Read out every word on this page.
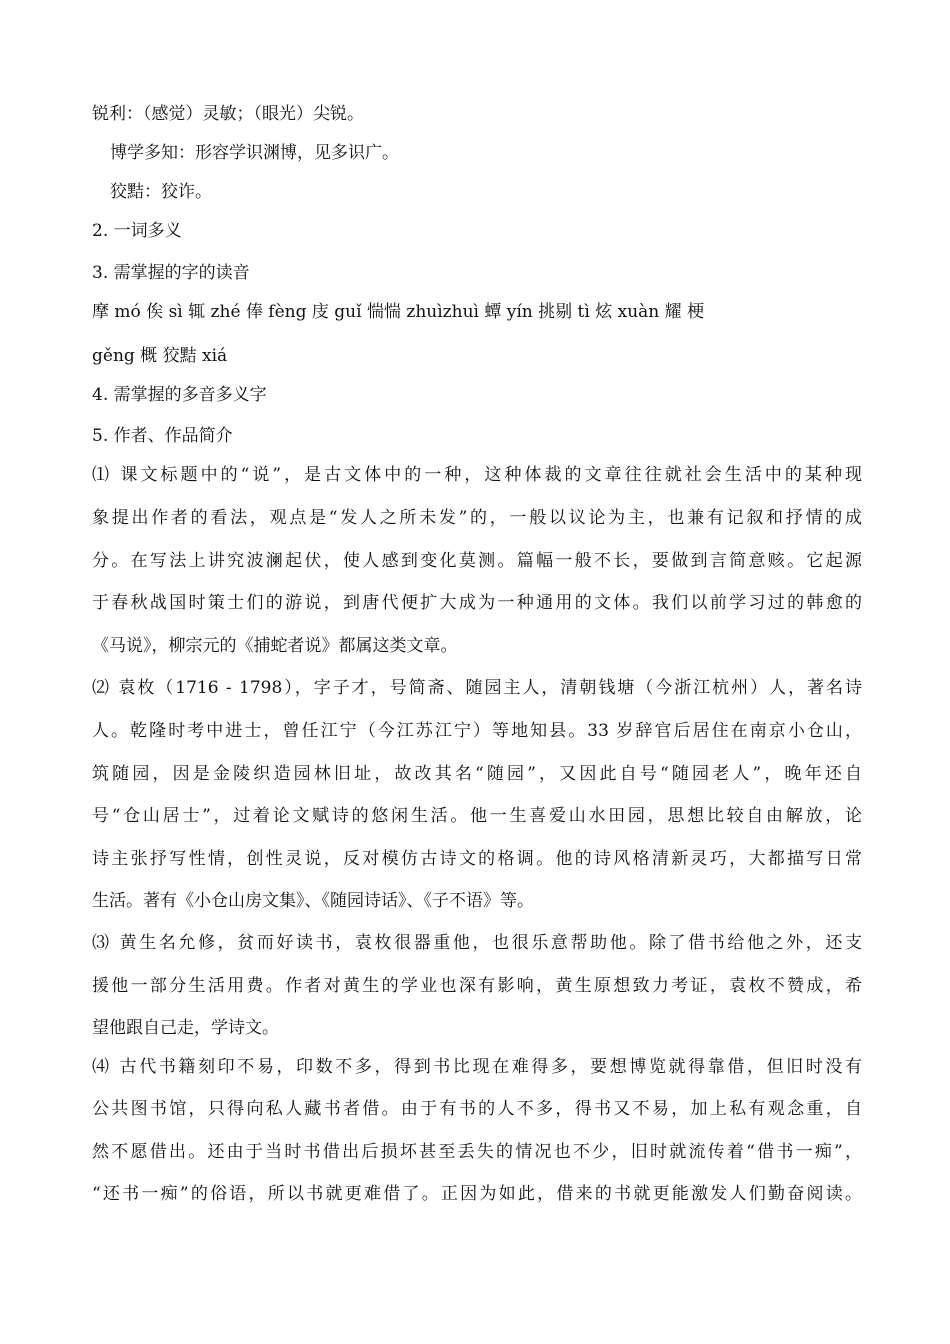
锐利：（感觉）灵敏；（眼光）尖锐。
博学多知：形容学识渊博，见多识广。
狡黠：狡诈。
2. 一词多义
3. 需掌握的字的读音
摩 mó 俟 sì 辄 zhé 俸 fèng 庋 guǐ 惴惴 zhuìzhuì 蟫 yín 挑剔 tì 炫 xuàn 耀 梗
gěng 概 狡黠 xiá
4. 需掌握的多音多义字
5. 作者、作品简介
⑴ 课文标题中的“说”，是古文体中的一种，这种体裁的文章往往就社会生活中的某种现
象提出作者的看法，观点是“发人之所未发”的，一般以议论为主，也兼有记叙和抒情的成
分。在写法上讲究波澜起伏，使人感到变化莫测。篇幅一般不长，要做到言简意赅。它起源
于春秋战国时策士们的游说，到唐代便扩大成为一种通用的文体。我们以前学习过的韩愈的
《马说》，柳宗元的《捕蛇者说》都属这类文章。
⑵ 袁枚（1716 - 1798），字子才，号简斋、随园主人，清朝钱塘（今浙江杭州）人，著名诗
人。乾隆时考中进士，曾任江宁（今江苏江宁）等地知县。33 岁辞官后居住在南京小仓山，
筑随园，因是金陵织造园林旧址，故改其名“随园”，又因此自号“随园老人”，晚年还自
号“仓山居士”，过着论文赋诗的悠闲生活。他一生喜爱山水田园，思想比较自由解放，论
诗主张抒写性情，创性灵说，反对模仿古诗文的格调。他的诗风格清新灵巧，大都描写日常
生活。著有《小仓山房文集》、《随园诗话》、《子不语》等。
⑶ 黄生名允修，贫而好读书，袁枚很器重他，也很乐意帮助他。除了借书给他之外，还支
援他一部分生活用费。作者对黄生的学业也深有影响，黄生原想致力考证，袁枚不赞成，希
望他跟自己走，学诗文。
⑷ 古代书籍刻印不易，印数不多，得到书比现在难得多，要想博览就得靠借，但旧时没有
公共图书馆，只得向私人藏书者借。由于有书的人不多，得书又不易，加上私有观念重，自
然不愿借出。还由于当时书借出后损坏甚至丢失的情况也不少，旧时就流传着“借书一痴”，
“还书一痴”的俗语，所以书就更难借了。正因为如此，借来的书就更能激发人们勤奋阅读。
